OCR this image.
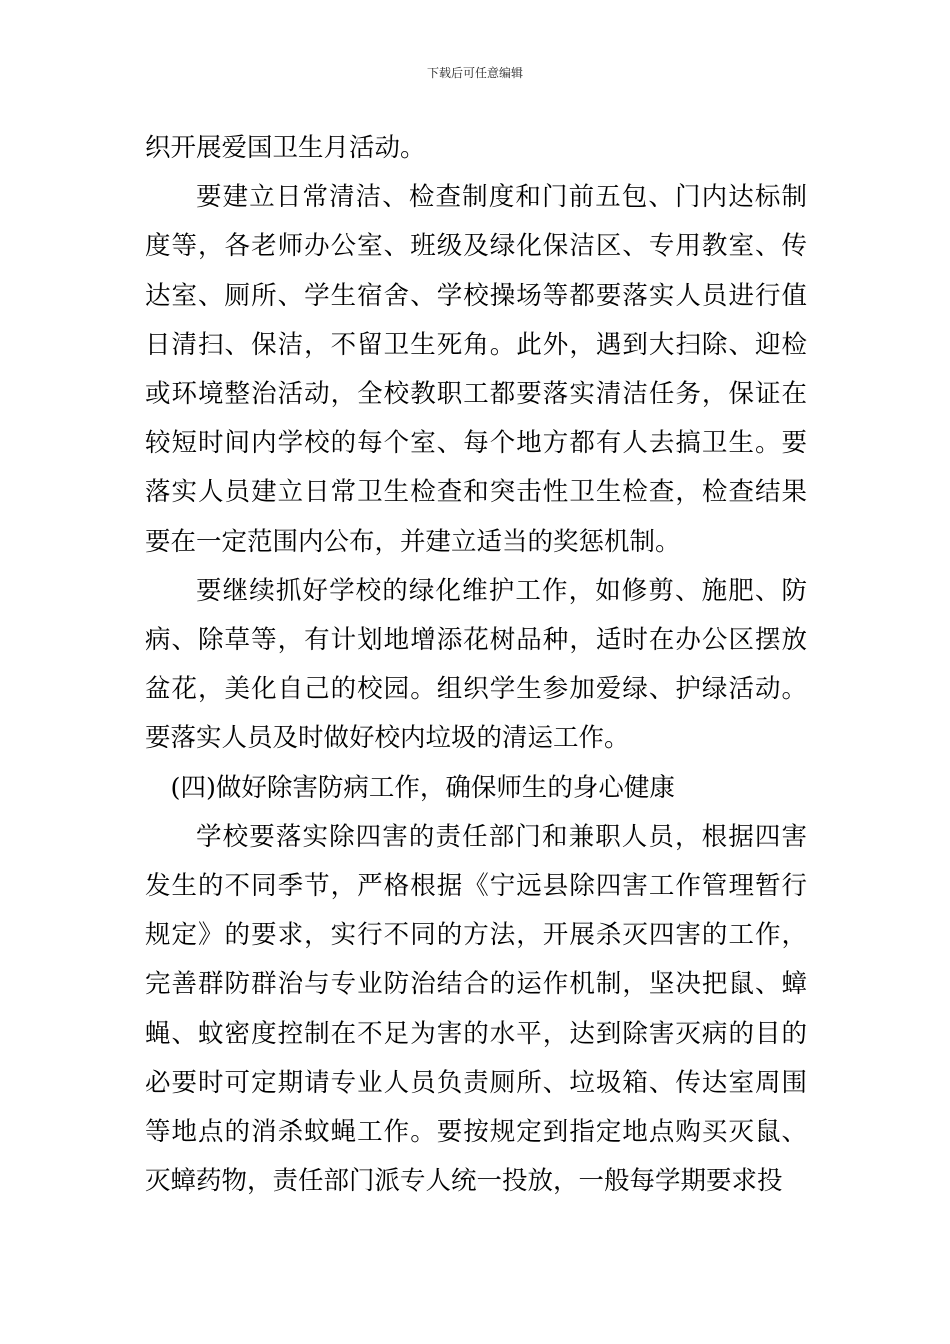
下载后可任意编辑

织开展爱国卫生月活动。

要建立日常清洁、检查制度和门前五包、门内达标制度等，各老师办公室、班级及绿化保洁区、专用教室、传达室、厕所、学生宿舍、学校操场等都要落实人员进行值日清扫、保洁，不留卫生死角。此外，遇到大扫除、迎检或环境整治活动，全校教职工都要落实清洁任务，保证在较短时间内学校的每个室、每个地方都有人去搞卫生。要落实人员建立日常卫生检查和突击性卫生检查，检查结果要在一定范围内公布，并建立适当的奖惩机制。

要继续抓好学校的绿化维护工作，如修剪、施肥、防病、除草等，有计划地增添花树品种，适时在办公区摆放盆花，美化自己的校园。组织学生参加爱绿、护绿活动。要落实人员及时做好校内垃圾的清运工作。

(四)做好除害防病工作，确保师生的身心健康

学校要落实除四害的责任部门和兼职人员，根据四害发生的不同季节，严格根据《宁远县除四害工作管理暂行规定》的要求，实行不同的方法，开展杀灭四害的工作，完善群防群治与专业防治结合的运作机制，坚决把鼠、蟑蝇、蚊密度控制在不足为害的水平，达到除害灭病的目的必要时可定期请专业人员负责厕所、垃圾箱、传达室周围等地点的消杀蚊蝇工作。要按规定到指定地点购买灭鼠、灭蟑药物，责任部门派专人统一投放，一般每学期要求投
